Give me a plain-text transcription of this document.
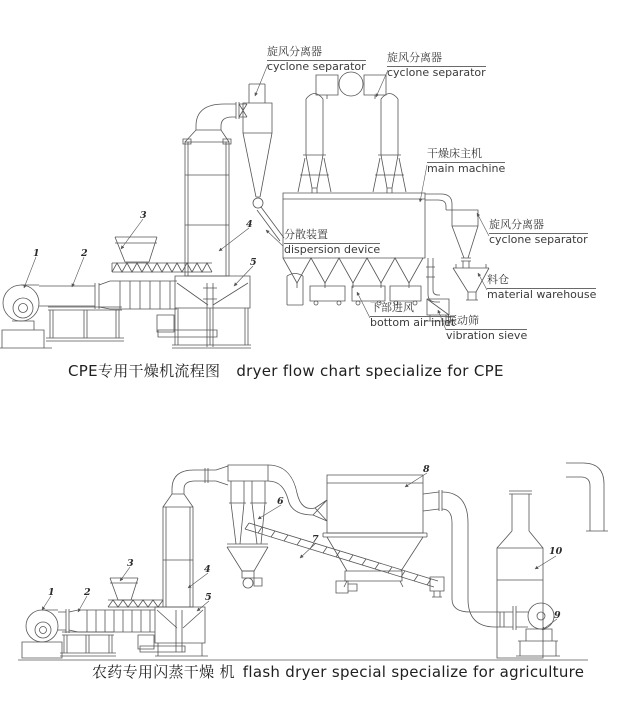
旋风分离器
cyclone separator
旋风分离器
cyclone separator
干燥床主机
main machine
分散装置
dispersion device
旋风分离器
cyclone separator
料仓
material warehouse
下部进风
bottom air inlet
振动筛
vibration sieve
1	2
3
4
5
CPE专用干燥机流程图 dryer flow chart specialize for CPE
农药专用闪蒸干燥 机 flash dryer special specialize for agriculture
1	2
3
4
5
6
7
8
9
10
